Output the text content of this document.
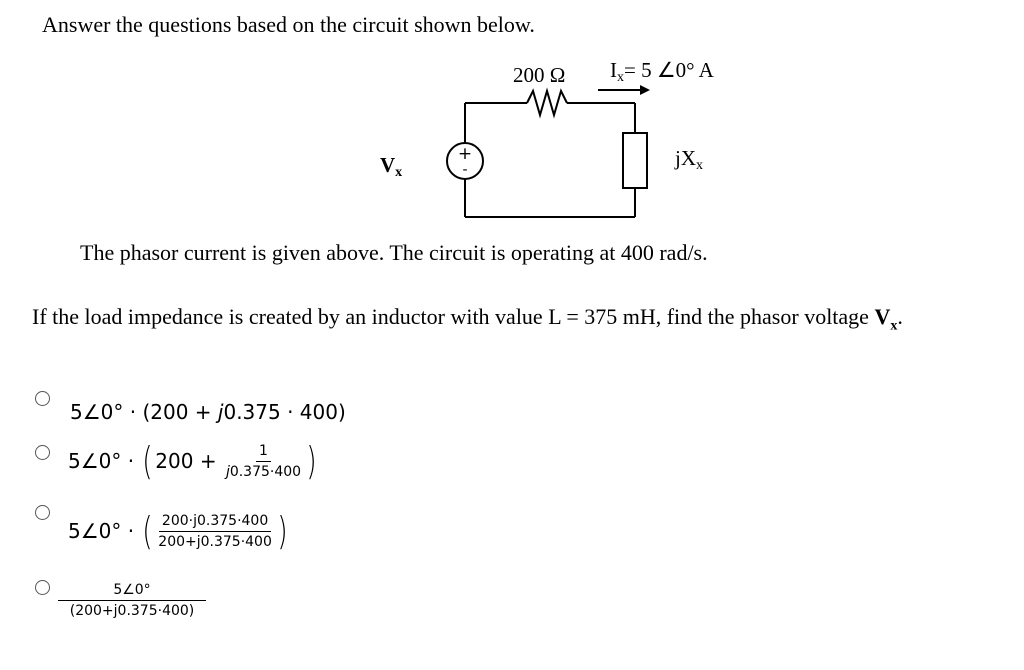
Answer the questions based on the circuit shown below.
+
-
200 Ω Ix= 5 ∠0° A
Vx
jXx
The phasor current is given above. The circuit is operating at 400 rad/s.
If the load impedance is created by an inductor with value L = 375 mH, find the phasor voltage $V_x$.
5∠0° · (200 + j0.375 · 400)
5∠0° · ( $200 + \frac{1}{j0.375\cdot 400}$ )
5∠0° · ( $\frac{200\cdot j0.375\cdot 400}{200+j0.375\cdot 400}$ )
$\frac{5\angle 0^\circ}{(200+j0.375\cdot 400)}$
